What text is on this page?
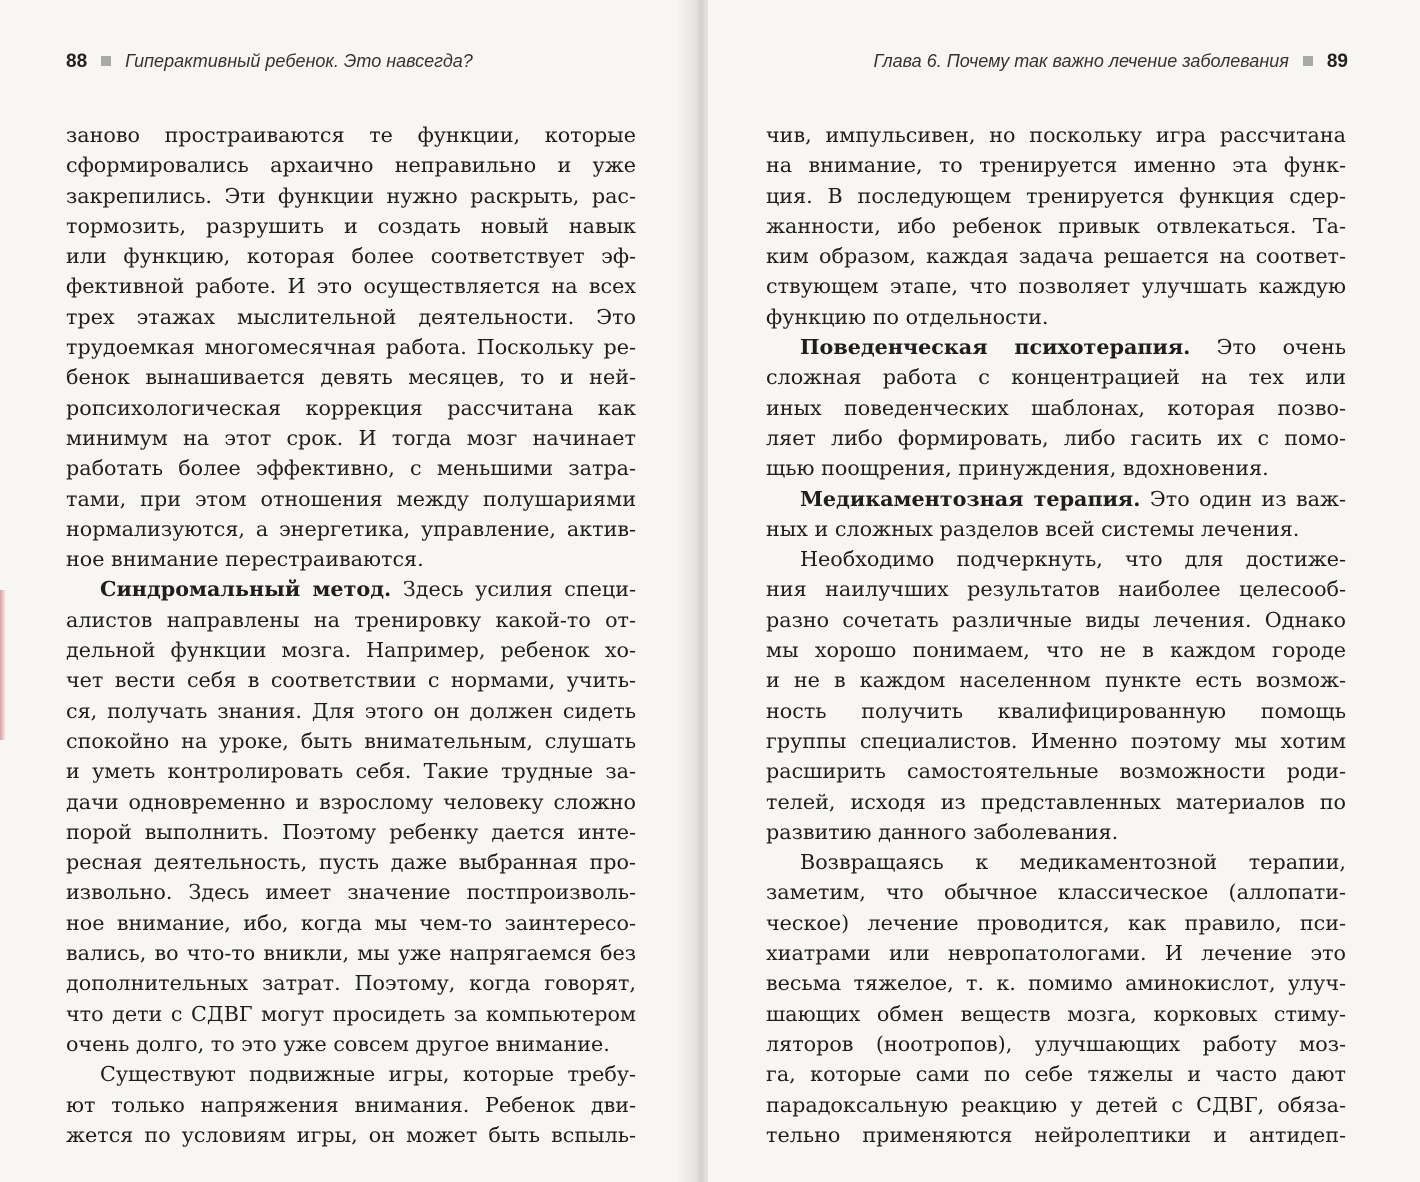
88 Гиперактивный ребенок. Это навсегда?
заново простраиваются те функции, которые
сформировались архаично неправильно и уже
закрепились. Эти функции нужно раскрыть, рас-
тормозить, разрушить и создать новый навык
или функцию, которая более соответствует эф-
фективной работе. И это осуществляется на всех
трех этажах мыслительной деятельности. Это
трудоемкая многомесячная работа. Поскольку ре-
бенок вынашивается девять месяцев, то и ней-
ропсихологическая коррекция рассчитана как
минимум на этот срок. И тогда мозг начинает
работать более эффективно, с меньшими затра-
тами, при этом отношения между полушариями
нормализуются, а энергетика, управление, актив-
ное внимание перестраиваются.
Синдромальный метод. Здесь усилия специ-
алистов направлены на тренировку какой-то от-
дельной функции мозга. Например, ребенок хо-
чет вести себя в соответствии с нормами, учить-
ся, получать знания. Для этого он должен сидеть
спокойно на уроке, быть внимательным, слушать
и уметь контролировать себя. Такие трудные за-
дачи одновременно и взрослому человеку сложно
порой выполнить. Поэтому ребенку дается инте-
ресная деятельность, пусть даже выбранная про-
извольно. Здесь имеет значение постпроизволь-
ное внимание, ибо, когда мы чем-то заинтересо-
вались, во что-то вникли, мы уже напрягаемся без
дополнительных затрат. Поэтому, когда говорят,
что дети с СДВГ могут просидеть за компьютером
очень долго, то это уже совсем другое внимание.
Существуют подвижные игры, которые требу-
ют только напряжения внимания. Ребенок дви-
жется по условиям игры, он может быть вспыль-
Глава 6. Почему так важно лечение заболевания 89
чив, импульсивен, но поскольку игра рассчитана
на внимание, то тренируется именно эта функ-
ция. В последующем тренируется функция сдер-
жанности, ибо ребенок привык отвлекаться. Та-
ким образом, каждая задача решается на соответ-
ствующем этапе, что позволяет улучшать каждую
функцию по отдельности.
Поведенческая психотерапия. Это очень
сложная работа с концентрацией на тех или
иных поведенческих шаблонах, которая позво-
ляет либо формировать, либо гасить их с помо-
щью поощрения, принуждения, вдохновения.
Медикаментозная терапия. Это один из важ-
ных и сложных разделов всей системы лечения.
Необходимо подчеркнуть, что для достиже-
ния наилучших результатов наиболее целесооб-
разно сочетать различные виды лечения. Однако
мы хорошо понимаем, что не в каждом городе
и не в каждом населенном пункте есть возмож-
ность получить квалифицированную помощь
группы специалистов. Именно поэтому мы хотим
расширить самостоятельные возможности роди-
телей, исходя из представленных материалов по
развитию данного заболевания.
Возвращаясь к медикаментозной терапии,
заметим, что обычное классическое (аллопати-
ческое) лечение проводится, как правило, пси-
хиатрами или невропатологами. И лечение это
весьма тяжелое, т. к. помимо аминокислот, улуч-
шающих обмен веществ мозга, корковых стиму-
ляторов (ноотропов), улучшающих работу моз-
га, которые сами по себе тяжелы и часто дают
парадоксальную реакцию у детей с СДВГ, обяза-
тельно применяются нейролептики и антидеп-
